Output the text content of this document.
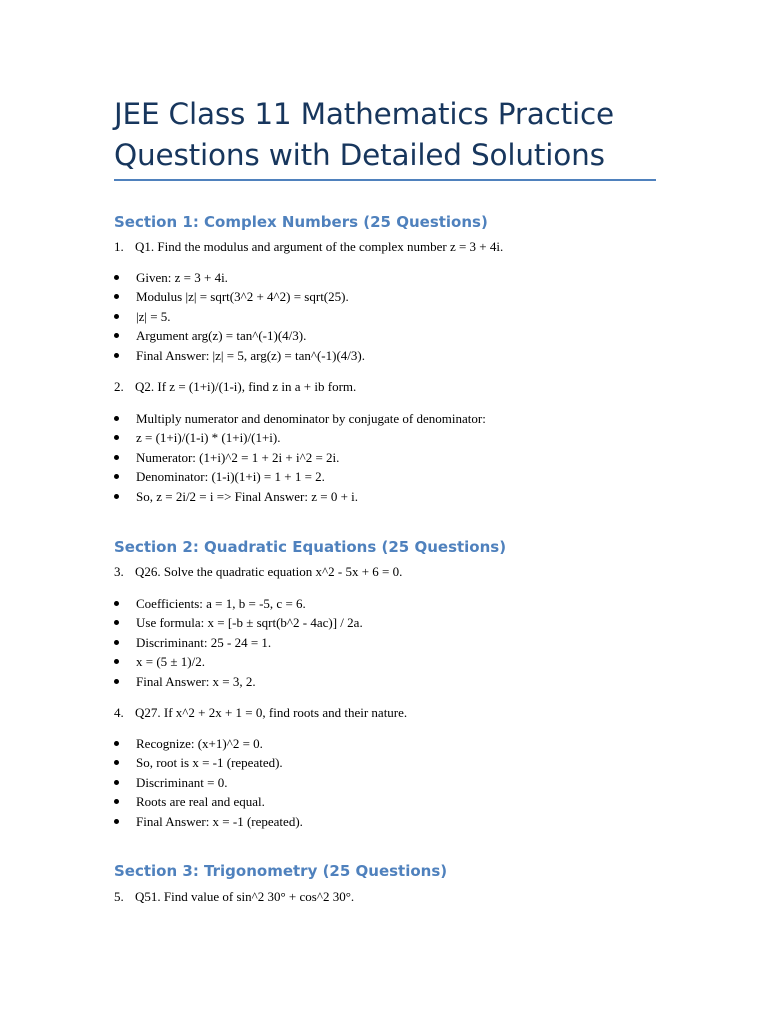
JEE Class 11 Mathematics Practice
Questions with Detailed Solutions
Section 1: Complex Numbers (25 Questions)
1. Q1. Find the modulus and argument of the complex number z = 3 + 4i.
Given: z = 3 + 4i.
Modulus |z| = sqrt(3^2 + 4^2) = sqrt(25).
|z| = 5.
Argument arg(z) = tan^(-1)(4/3).
Final Answer: |z| = 5, arg(z) = tan^(-1)(4/3).
2. Q2. If z = (1+i)/(1-i), find z in a + ib form.
Multiply numerator and denominator by conjugate of denominator:
z = (1+i)/(1-i) * (1+i)/(1+i).
Numerator: (1+i)^2 = 1 + 2i + i^2 = 2i.
Denominator: (1-i)(1+i) = 1 + 1 = 2.
So, z = 2i/2 = i => Final Answer: z = 0 + i.
Section 2: Quadratic Equations (25 Questions)
3. Q26. Solve the quadratic equation x^2 - 5x + 6 = 0.
Coefficients: a = 1, b = -5, c = 6.
Use formula: x = [-b ± sqrt(b^2 - 4ac)] / 2a.
Discriminant: 25 - 24 = 1.
x = (5 ± 1)/2.
Final Answer: x = 3, 2.
4. Q27. If x^2 + 2x + 1 = 0, find roots and their nature.
Recognize: (x+1)^2 = 0.
So, root is x = -1 (repeated).
Discriminant = 0.
Roots are real and equal.
Final Answer: x = -1 (repeated).
Section 3: Trigonometry (25 Questions)
5. Q51. Find value of sin^2 30° + cos^2 30°.
